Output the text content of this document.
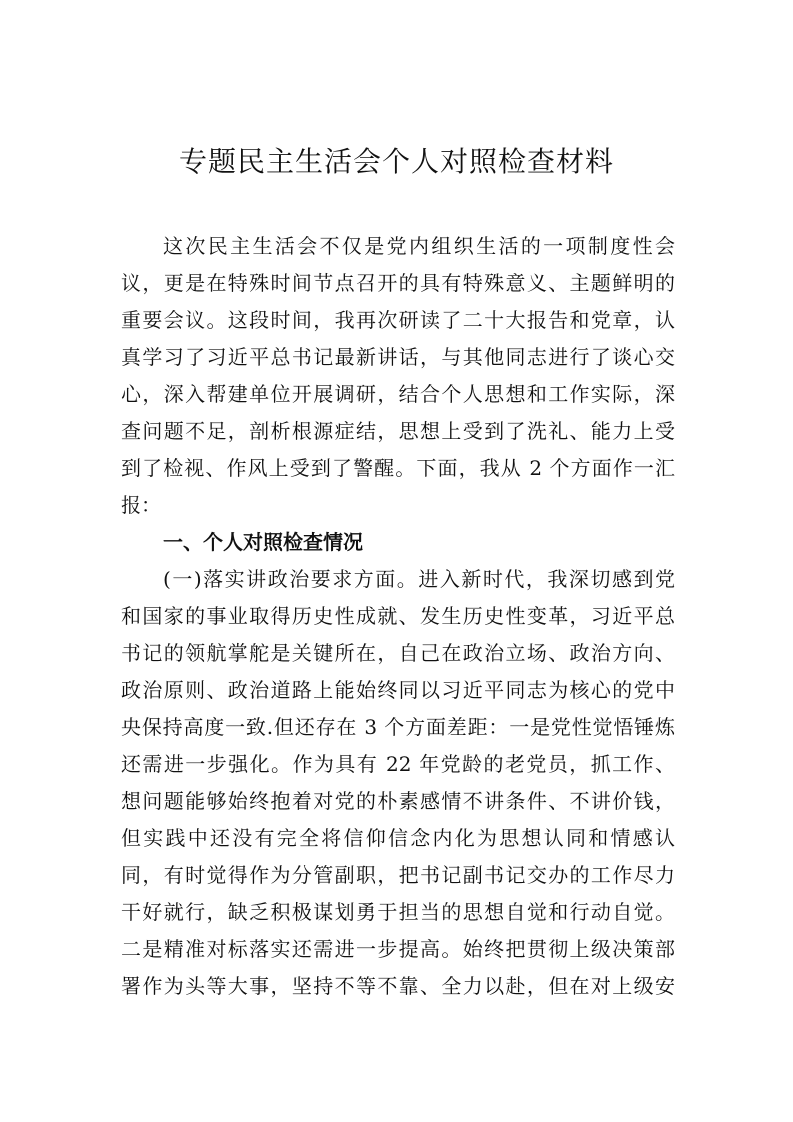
专题民主生活会个人对照检查材料
这次民主生活会不仅是党内组织生活的一项制度性会
议，更是在特殊时间节点召开的具有特殊意义、主题鲜明的
重要会议。这段时间，我再次研读了二十大报告和党章，认
真学习了习近平总书记最新讲话，与其他同志进行了谈心交
心，深入帮建单位开展调研，结合个人思想和工作实际，深
查问题不足，剖析根源症结，思想上受到了洗礼、能力上受
到了检视、作风上受到了警醒。下面，我从 2 个方面作一汇
报：
一、个人对照检查情况
(一)落实讲政治要求方面。进入新时代，我深切感到党
和国家的事业取得历史性成就、发生历史性变革，习近平总
书记的领航掌舵是关键所在，自己在政治立场、政治方向、
政治原则、政治道路上能始终同以习近平同志为核心的党中
央保持高度一致.但还存在 3 个方面差距：一是党性觉悟锤炼
还需进一步强化。作为具有 22 年党龄的老党员，抓工作、
想问题能够始终抱着对党的朴素感情不讲条件、不讲价钱，
但实践中还没有完全将信仰信念内化为思想认同和情感认
同，有时觉得作为分管副职，把书记副书记交办的工作尽力
干好就行，缺乏积极谋划勇于担当的思想自觉和行动自觉。
二是精准对标落实还需进一步提高。始终把贯彻上级决策部
署作为头等大事，坚持不等不靠、全力以赴，但在对上级安
